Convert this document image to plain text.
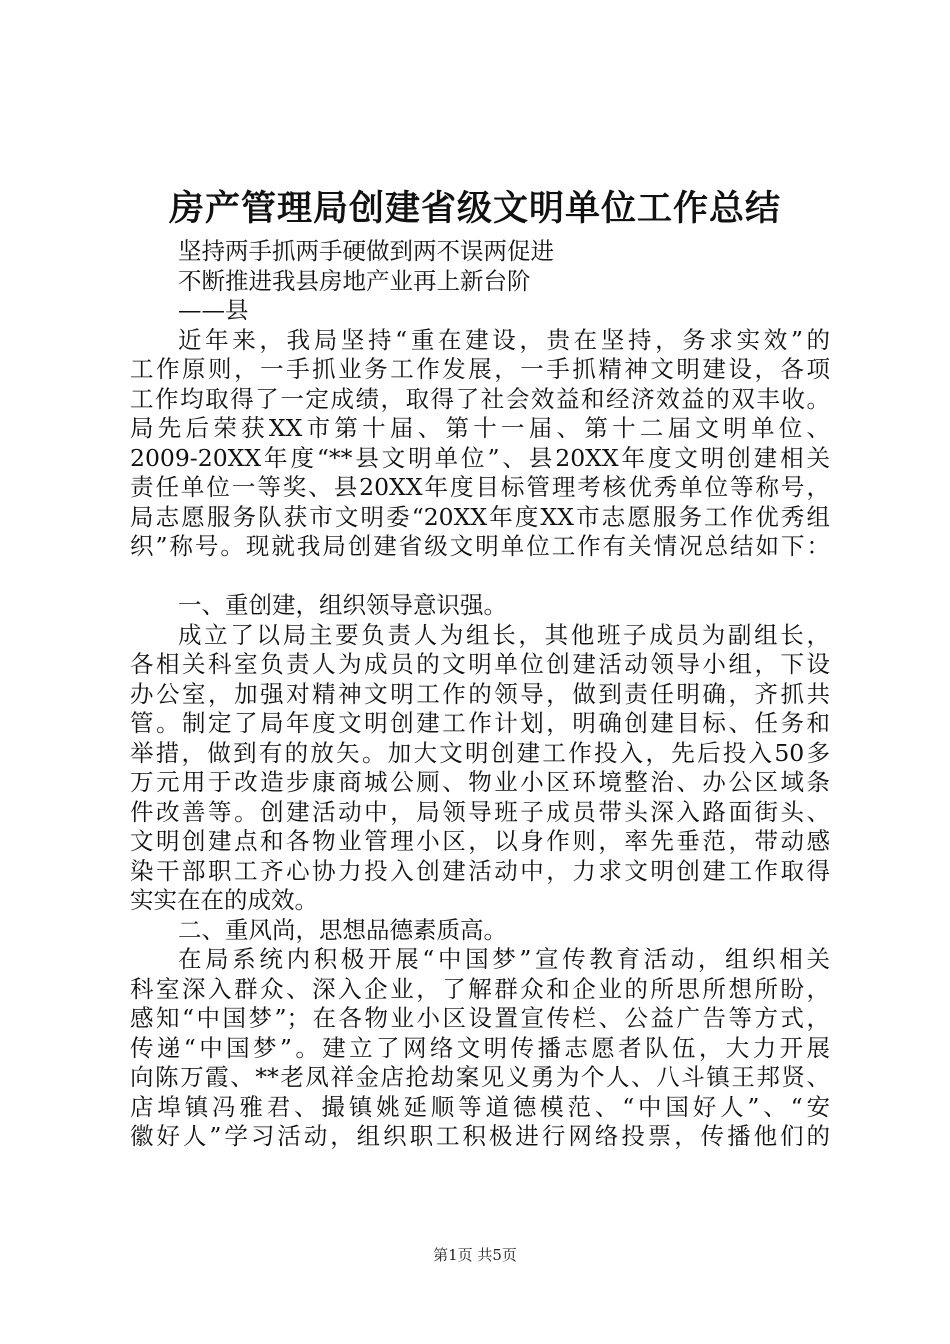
房产管理局创建省级文明单位工作总结
坚持两手抓两手硬做到两不误两促进
不断推进我县房地产业再上新台阶
——县
近年来，我局坚持“重在建设，贵在坚持，务求实效”的
工作原则，一手抓业务工作发展，一手抓精神文明建设，各项
工作均取得了一定成绩，取得了社会效益和经济效益的双丰收。
局先后荣获XX市第十届、第十一届、第十二届文明单位、
2009-20XX年度“**县文明单位”、县20XX年度文明创建相关
责任单位一等奖、县20XX年度目标管理考核优秀单位等称号，
局志愿服务队获市文明委“20XX年度XX市志愿服务工作优秀组
织”称号。现就我局创建省级文明单位工作有关情况总结如下：
一、重创建，组织领导意识强。
成立了以局主要负责人为组长，其他班子成员为副组长，
各相关科室负责人为成员的文明单位创建活动领导小组，下设
办公室，加强对精神文明工作的领导，做到责任明确，齐抓共
管。制定了局年度文明创建工作计划，明确创建目标、任务和
举措，做到有的放矢。加大文明创建工作投入，先后投入50多
万元用于改造步康商城公厕、物业小区环境整治、办公区域条
件改善等。创建活动中，局领导班子成员带头深入路面街头、
文明创建点和各物业管理小区，以身作则，率先垂范，带动感
染干部职工齐心协力投入创建活动中，力求文明创建工作取得
实实在在的成效。
二、重风尚，思想品德素质高。
在局系统内积极开展“中国梦”宣传教育活动，组织相关
科室深入群众、深入企业，了解群众和企业的所思所想所盼，
感知“中国梦”；在各物业小区设置宣传栏、公益广告等方式，
传递“中国梦”。建立了网络文明传播志愿者队伍，大力开展
向陈万霞、**老凤祥金店抢劫案见义勇为个人、八斗镇王邦贤、
店埠镇冯雅君、撮镇姚延顺等道德模范、“中国好人”、“安
徽好人”学习活动，组织职工积极进行网络投票，传播他们的
第1页 共5页
